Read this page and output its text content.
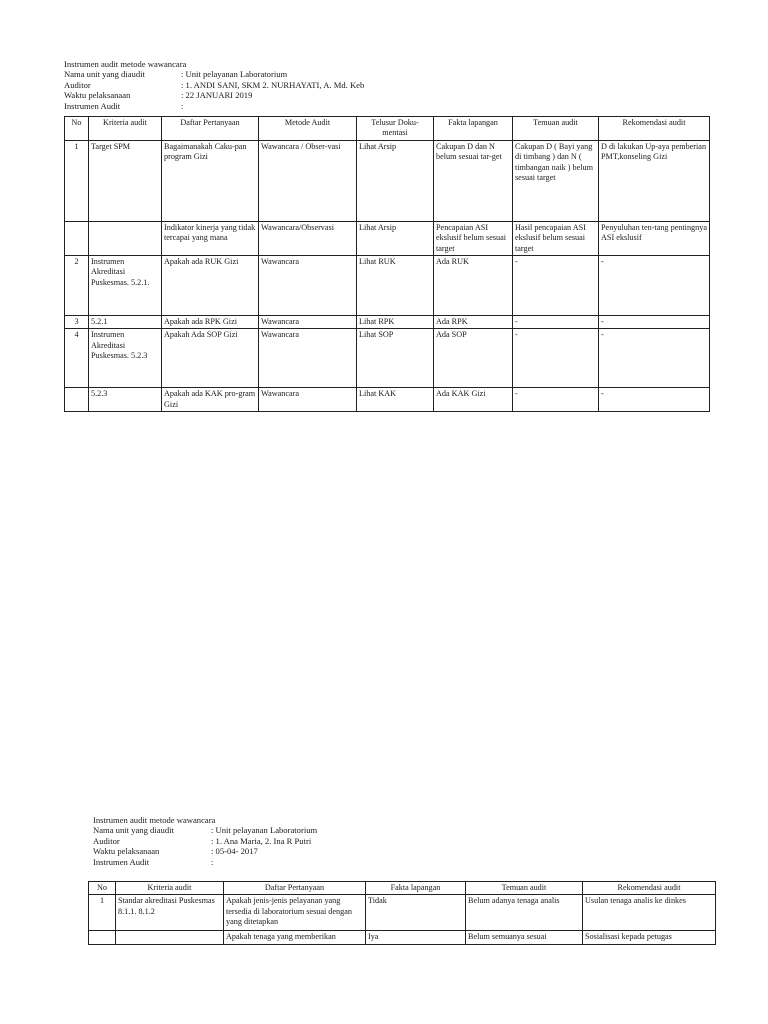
Instrumen audit metode wawancara
Nama unit yang diaudit	: Unit pelayanan Laboratorium
Auditor	: 1. ANDI SANI, SKM 2. NURHAYATI, A. Md. Keb
Waktu pelaksanaan	: 22 JANUARI 2019
Instrumen Audit	:
No	Kriteria audit	Daftar Pertanyaan	Metode Audit	Telusur Doku-mentasi	Fakta lapangan	Temuan audit	Rekomendasi audit
1	Target SPM	Bagaimanakah Caku-pan program Gizi	Wawancara / Obser-vasi	Lihat Arsip	Cakupan D dan N belum sesuai tar-get	Cakupan D ( Bayi yang di timbang ) dan N ( timbangan naik ) belum sesuai target	D di lakukan Up-aya pemberian PMT,konseling Gizi
		Indikator kinerja yang tidak tercapai yang mana	Wawancara/Observasi	Lihat Arsip	Pencapaian ASI ekslusif belum sesuai target	Hasil pencapaian ASI ekslusif belum sesuai target	Penyuluhan ten-tang pentingnya ASI ekslusif
2	Instrumen Akreditasi Puskesmas. 5.2.1.	Apakah ada RUK Gizi	Wawancara	Lihat RUK	Ada RUK	-	-
3	5.2.1	Apakah ada RPK Gizi	Wawancara	Lihat RPK	Ada RPK	-	-
4	Instrumen Akreditasi Puskesmas. 5.2.3	Apakah Ada SOP Gizi	Wawancara	Lihat SOP	Ada SOP	-	-
	5.2.3	Apakah ada KAK pro-gram Gizi	Wawancara	Lihat KAK	Ada KAK Gizi	-	-
Instrumen audit metode wawancara
Nama unit yang diaudit	: Unit pelayanan Laboratorium
Auditor	: 1. Ana Maria, 2. Ina R Putri
Waktu pelaksanaan	: 05-04- 2017
Instrumen Audit	:
No	Kriteria audit	Daftar Pertanyaan	Fakta lapangan	Temuan audit	Rekomendasi audit
1	Standar akreditasi Puskesmas 8.1.1. 8.1.2	Apakah jenis-jenis pelayanan yang tersedia di laboratorium sesuai dengan yang ditetapkan	Tidak	Belum adanya tenaga analis	Usulan tenaga analis ke dinkes
		Apakah tenaga yang memberikan	Iya	Belum semuanya sesuai	Sosialisasi kepada petugas
